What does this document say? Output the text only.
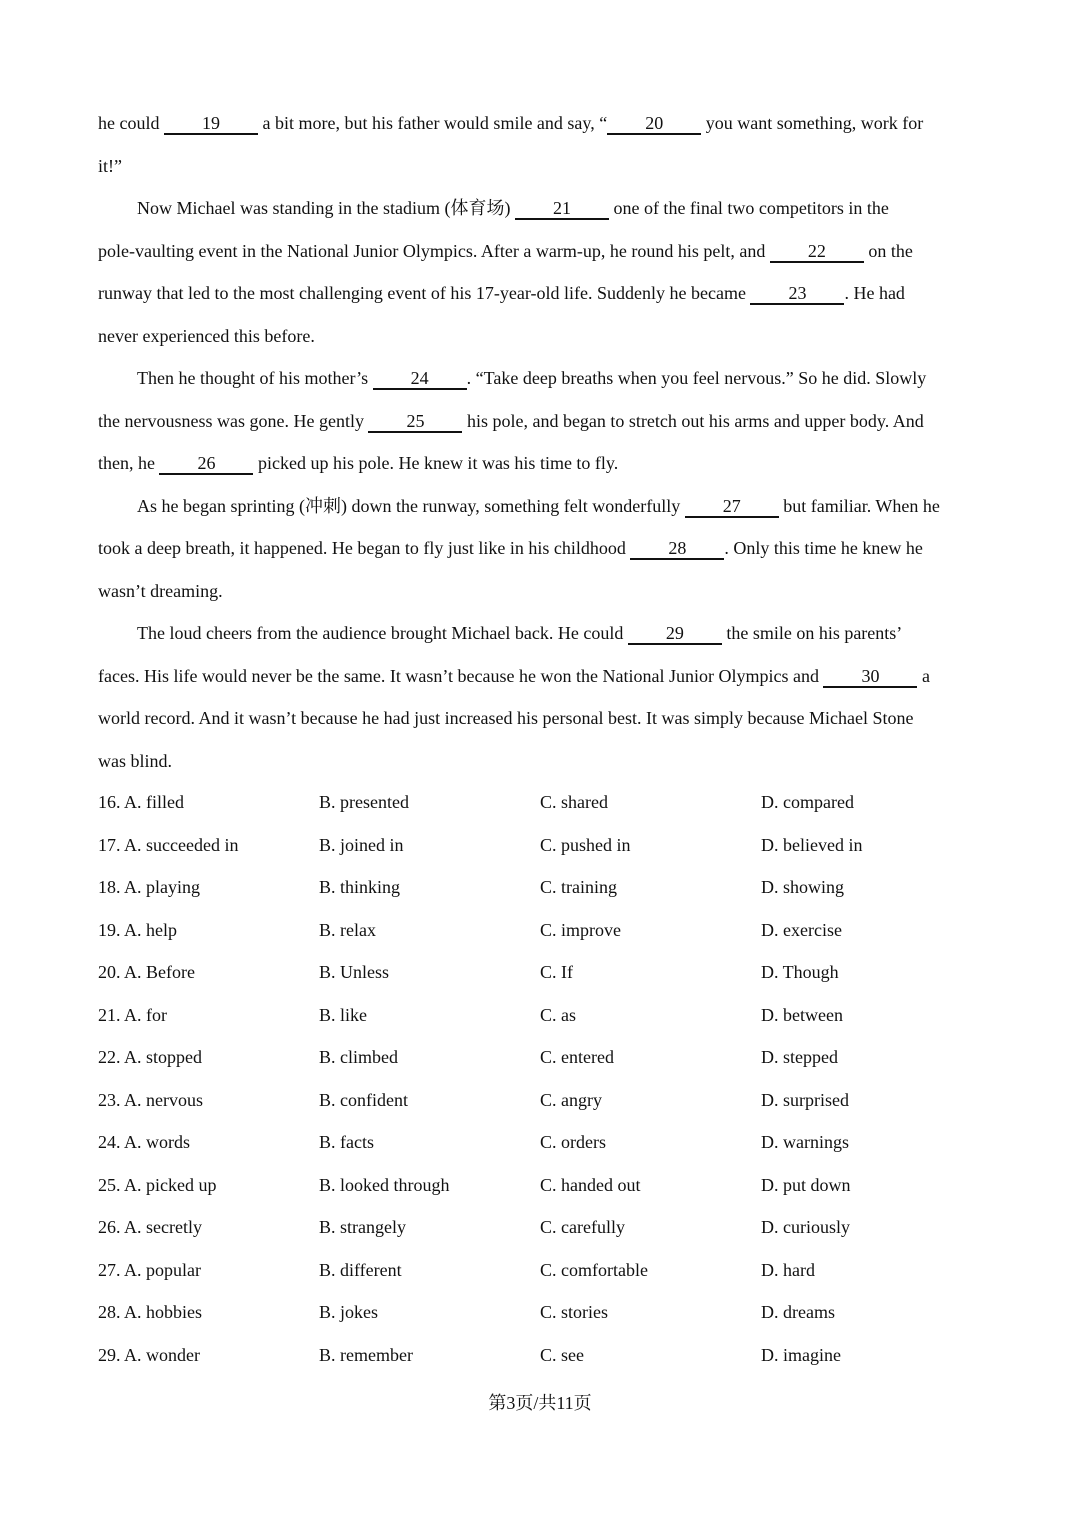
he could 19 a bit more, but his father would smile and say, “ 20 you want something, work for
it!”
Now Michael was standing in the stadium (体育场) 21 one of the final two competitors in the
pole-vaulting event in the National Junior Olympics. After a warm-up, he round his pelt, and 22 on the
runway that led to the most challenging event of his 17-year-old life. Suddenly he became 23 . He had
never experienced this before.
Then he thought of his mother’s 24 . “Take deep breaths when you feel nervous.” So he did. Slowly
the nervousness was gone. He gently 25 his pole, and began to stretch out his arms and upper body. And
then, he 26 picked up his pole. He knew it was his time to fly.
As he began sprinting (冲刺) down the runway, something felt wonderfully 27 but familiar. When he
took a deep breath, it happened. He began to fly just like in his childhood 28 . Only this time he knew he
wasn’t dreaming.
The loud cheers from the audience brought Michael back. He could 29 the smile on his parents’
faces. His life would never be the same. It wasn’t because he won the National Junior Olympics and 30 a
world record. And it wasn’t because he had just increased his personal best. It was simply because Michael Stone
was blind.
16. A. filled	B. presented	C. shared	D. compared
17. A. succeeded in	B. joined in	C. pushed in	D. believed in
18. A. playing	B. thinking	C. training	D. showing
19. A. help	B. relax	C. improve	D. exercise
20. A. Before	B. Unless	C. If	D. Though
21. A. for	B. like	C. as	D. between
22. A. stopped	B. climbed	C. entered	D. stepped
23. A. nervous	B. confident	C. angry	D. surprised
24. A. words	B. facts	C. orders	D. warnings
25. A. picked up	B. looked through	C. handed out	D. put down
26. A. secretly	B. strangely	C. carefully	D. curiously
27. A. popular	B. different	C. comfortable	D. hard
28. A. hobbies	B. jokes	C. stories	D. dreams
29. A. wonder	B. remember	C. see	D. imagine
第3页/共11页
